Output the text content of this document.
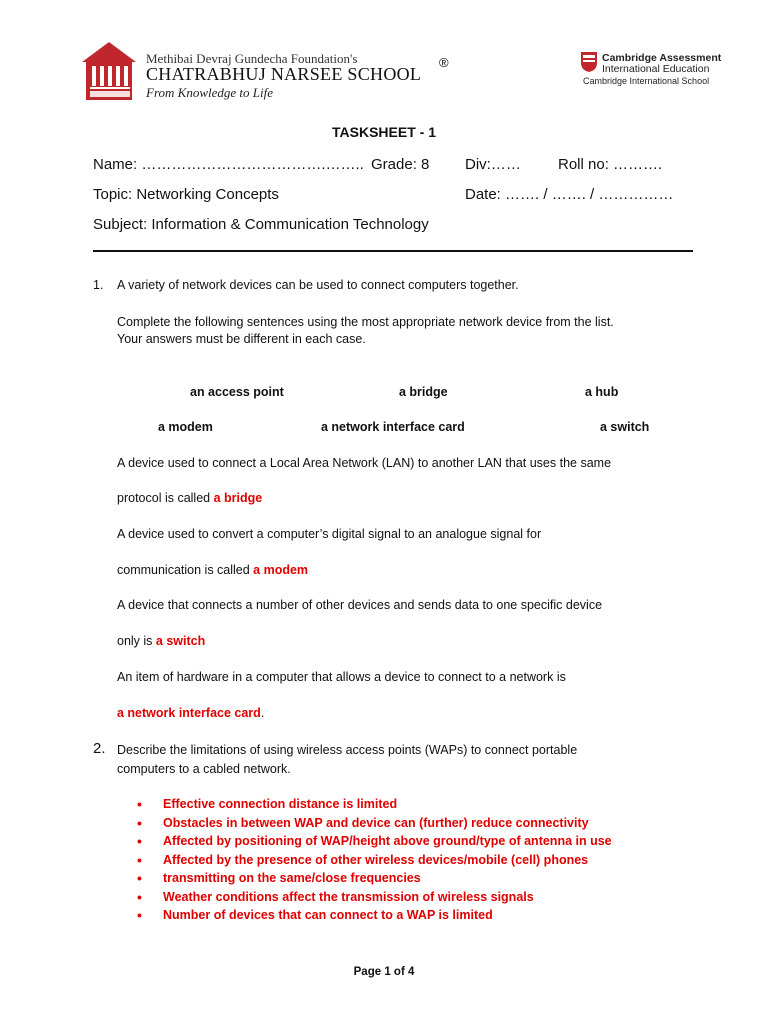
Methibai Devraj Gundecha Foundation's
CHATRABHUJ NARSEE SCHOOL
®
From Knowledge to Life
Cambridge Assessment
International Education
Cambridge International School
TASKSHEET - 1
Name: ……………………………….…….. Grade: 8 Div:…… Roll no: ……….
Topic: Networking Concepts	Date: ……. / ……. / ……………
Subject: Information & Communication Technology
1. A variety of network devices can be used to connect computers together.
Complete the following sentences using the most appropriate network device from the list.
Your answers must be different in each case.
an access point	a bridge	a hub
a modem	a network interface card	a switch
A device used to connect a Local Area Network (LAN) to another LAN that uses the same
protocol is called a bridge
A device used to convert a computer’s digital signal to an analogue signal for
communication is called a modem
A device that connects a number of other devices and sends data to one specific device
only is a switch
An item of hardware in a computer that allows a device to connect to a network is
a network interface card.
2. Describe the limitations of using wireless access points (WAPs) to connect portable
computers to a cabled network.
• Effective connection distance is limited
• Obstacles in between WAP and device can (further) reduce connectivity
• Affected by positioning of WAP/height above ground/type of antenna in use
• Affected by the presence of other wireless devices/mobile (cell) phones
• transmitting on the same/close frequencies
• Weather conditions affect the transmission of wireless signals
• Number of devices that can connect to a WAP is limited
Page 1 of 4
